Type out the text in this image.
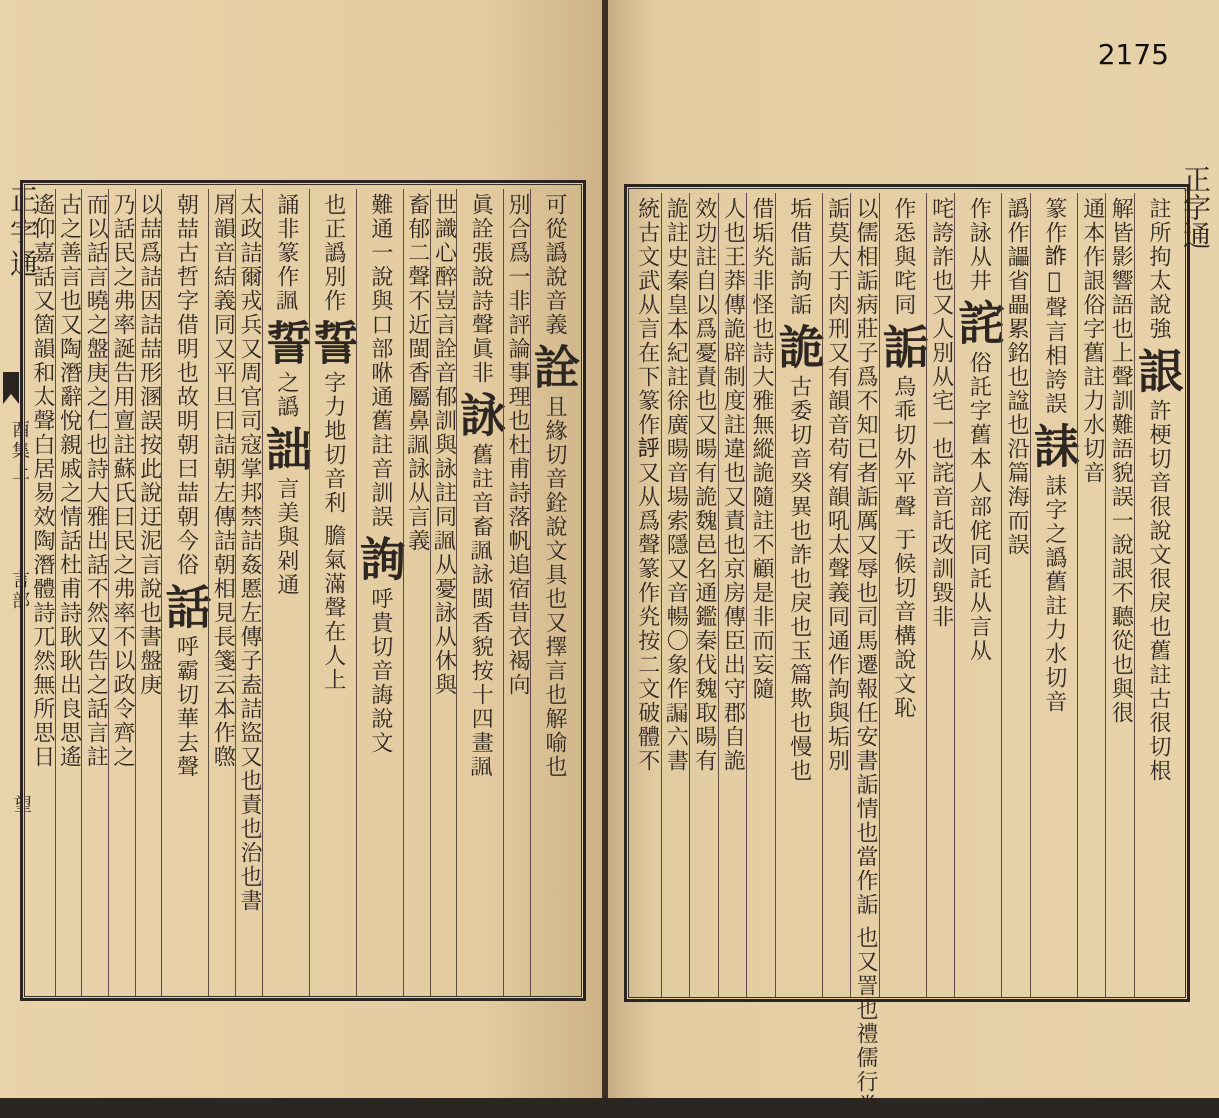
正字通
酉集上
言部
望
可從譌說音義
詮
且緣切音銓說文具也又擇言也解喻也
別合爲一非
評論事理也杜甫詩落帆追宿昔衣褐向
眞詮張說詩聲眞非
詠
舊註音畜𧩠詠閩香貌按十四畫𧩠
世識心醉豈言詮
音郁訓與詠註同𧩠从憂詠从休與
畜郁二聲不近閩香屬鼻𧩠詠从言義
難通一說與口部咻通舊註音訓誤
詢
呼貴切音誨說文
也正譌別作
誓
字力地切音利 膽氣滿聲在人上
誦非篆作𧩠
誓
之譌
詘
言美與剁通
太政詰爾戎兵又周官司寇掌邦禁詰姦慝左傳子盍詰盜又
也責也治也書
屑韻音結義同又平旦曰詰朝左傳詰朝相見長箋云本作㬠
朝喆古哲字借明也故明朝曰喆朝今俗
話
呼霸切華去聲
以喆爲詰因詰喆形溷誤按此說迂泥
言說也書盤庚
乃話民之弗率誕告用亶註蘇氏曰民之弗率不以政令齊之
而以話言曉之盤庚之仁也詩大雅出話不然又告之話言註
古之善言也又陶潛辭悅親戚之情話杜甫詩耿耿出良思遙
遙仰嘉話又箇韻和太聲白居易效陶潛體詩兀然無所思日
2175
註所拘太說強
詪
許梗切音很說文很戾也舊註古很切根
解皆影響語也
上聲訓難語貌誤一說詪不聽從也與很
通本作詪俗字
舊註力水切音
篆作𧧻𧨖聲言相誇誤
誄
誄字之譌舊註力水切音
譌作讄省畾
累銘也諡也沿篇海而誤
作詠从井
詫
俗託字舊本人部侂同託从言从
咤誇詐也又
人別从宅一也詫音託改訓毀非
作㤅與咤同
詬
烏乖切外平聲 于候切音構說文恥
以儒相詬病莊子爲不知已者詬厲又辱也司馬遷報任安書
詬情也當作詬 也又詈也禮儒行常
詬莫大于肉刑又有韻音苟宥韻吼太聲義同通作訽與垢別
垢借詬訽詬
詭
古委切音癸異也詐也戾也玉篇欺也慢也
借垢㶢非
怪也詩大雅無縱詭隨註不顧是非而妄隨
人也王莽傳詭辟制度註違也又責也京房傳臣出守郡自詭
效功註自以爲憂責也又暘有詭魏邑名通鑑秦伐魏取暘有
詭註史秦皇本紀註徐廣暘音場索隱又音暢〇象作𧫞六書
統古文武从言在下篆作𧦝又从爲聲篆作㶢按二文破體不	正字通
